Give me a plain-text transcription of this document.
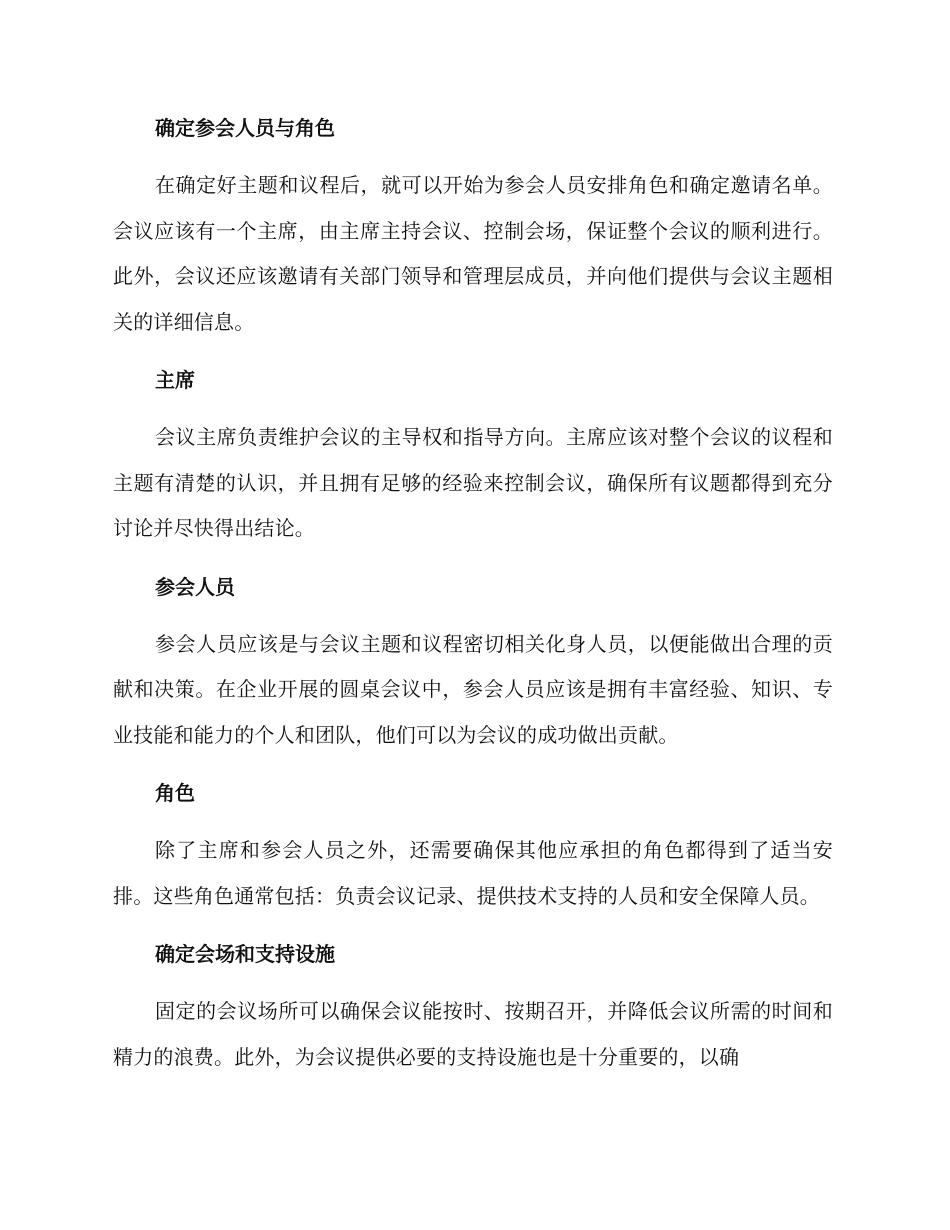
确定参会人员与角色

在确定好主题和议程后，就可以开始为参会人员安排角色和确定邀请名单。会议应该有一个主席，由主席主持会议、控制会场，保证整个会议的顺利进行。此外，会议还应该邀请有关部门领导和管理层成员，并向他们提供与会议主题相关的详细信息。

主席

会议主席负责维护会议的主导权和指导方向。主席应该对整个会议的议程和主题有清楚的认识，并且拥有足够的经验来控制会议，确保所有议题都得到充分讨论并尽快得出结论。

参会人员

参会人员应该是与会议主题和议程密切相关化身人员，以便能做出合理的贡献和决策。在企业开展的圆桌会议中，参会人员应该是拥有丰富经验、知识、专业技能和能力的个人和团队，他们可以为会议的成功做出贡献。

角色

除了主席和参会人员之外，还需要确保其他应承担的角色都得到了适当安排。这些角色通常包括：负责会议记录、提供技术支持的人员和安全保障人员。

确定会场和支持设施

固定的会议场所可以确保会议能按时、按期召开，并降低会议所需的时间和精力的浪费。此外，为会议提供必要的支持设施也是十分重要的，以确
